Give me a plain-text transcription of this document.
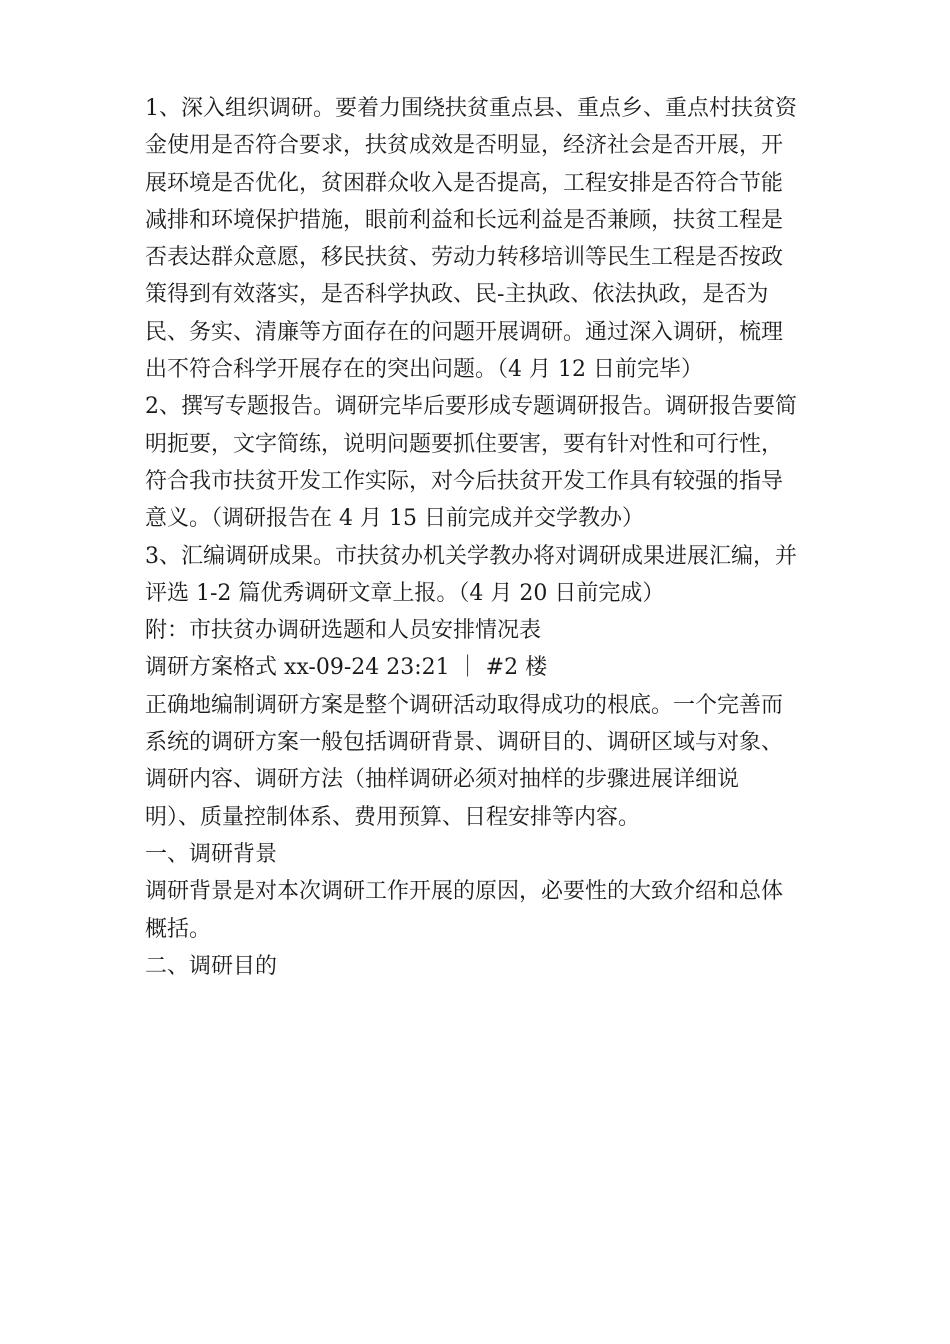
1、深入组织调研。要着力围绕扶贫重点县、重点乡、重点村扶贫资
金使用是否符合要求，扶贫成效是否明显，经济社会是否开展，开
展环境是否优化，贫困群众收入是否提高，工程安排是否符合节能
减排和环境保护措施，眼前利益和长远利益是否兼顾，扶贫工程是
否表达群众意愿，移民扶贫、劳动力转移培训等民生工程是否按政
策得到有效落实，是否科学执政、民-主执政、依法执政，是否为
民、务实、清廉等方面存在的问题开展调研。通过深入调研，梳理
出不符合科学开展存在的突出问题。（4 月 12 日前完毕）

2、撰写专题报告。调研完毕后要形成专题调研报告。调研报告要简
明扼要，文字简练，说明问题要抓住要害，要有针对性和可行性，
符合我市扶贫开发工作实际，对今后扶贫开发工作具有较强的指导
意义。（调研报告在 4 月 15 日前完成并交学教办）

3、汇编调研成果。市扶贫办机关学教办将对调研成果进展汇编，并
评选 1-2 篇优秀调研文章上报。（4 月 20 日前完成）

附：市扶贫办调研选题和人员安排情况表

调研方案格式 xx-09-24 23:21 ｜ #2 楼

正确地编制调研方案是整个调研活动取得成功的根底。一个完善而
系统的调研方案一般包括调研背景、调研目的、调研区域与对象、
调研内容、调研方法（抽样调研必须对抽样的步骤进展详细说
明）、质量控制体系、费用预算、日程安排等内容。

一、调研背景

调研背景是对本次调研工作开展的原因，必要性的大致介绍和总体
概括。

二、调研目的
